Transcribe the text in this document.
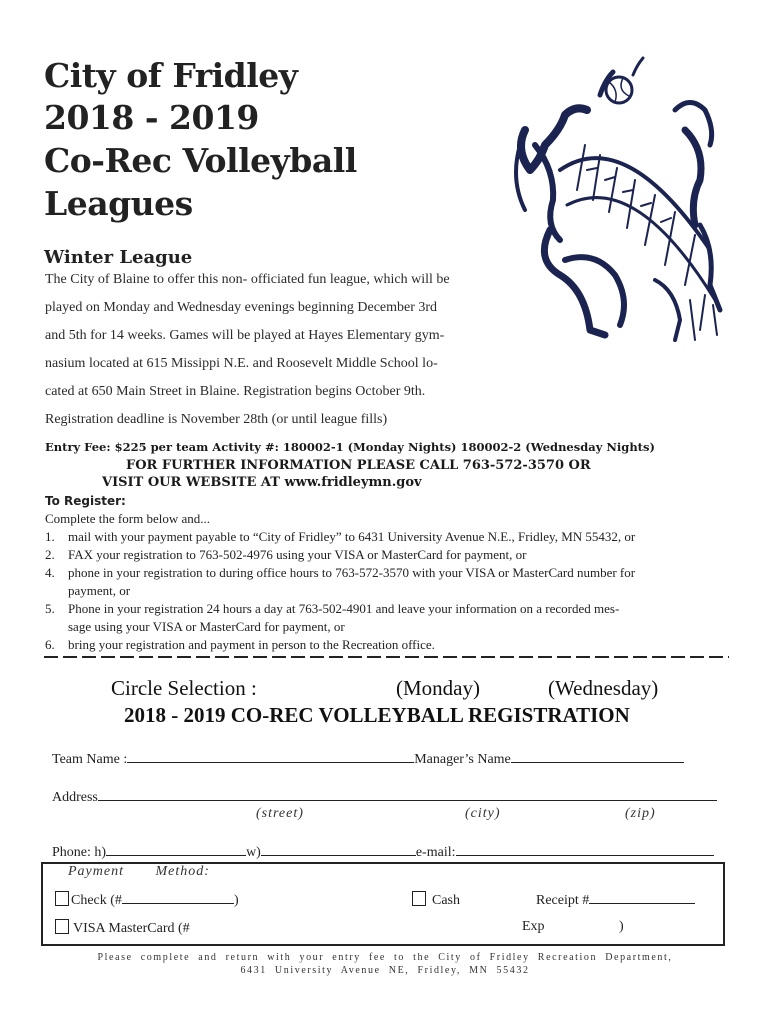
City of Fridley
2018 - 2019
Co-Rec Volleyball
Leagues
Winter League
The City of Blaine to offer this non- officiated fun league, which will be
played on Monday and Wednesday evenings beginning December 3rd
and 5th for 14 weeks. Games will be played at Hayes Elementary gym-
nasium located at 615 Missippi N.E. and Roosevelt Middle School lo-
cated at 650 Main Street in Blaine. Registration begins October 9th.
Registration deadline is November 28th (or until league fills)
Entry Fee: $225 per team Activity #: 180002-1 (Monday Nights) 180002-2 (Wednesday Nights)
FOR FURTHER INFORMATION PLEASE CALL 763-572-3570 OR
VISIT OUR WEBSITE AT www.fridleymn.gov
To Register:
Complete the form below and...
1. mail with your payment payable to “City of Fridley” to 6431 University Avenue N.E., Fridley, MN 55432, or
2. FAX your registration to 763-502-4976 using your VISA or MasterCard for payment, or
4. phone in your registration to during office hours to 763-572-3570 with your VISA or MasterCard number for
payment, or
5. Phone in your registration 24 hours a day at 763-502-4901 and leave your information on a recorded mes-
sage using your VISA or MasterCard for payment, or
6. bring your registration and payment in person to the Recreation office.
Circle Selection :	(Monday)	(Wednesday)
2018 - 2019 CO-REC VOLLEYBALL REGISTRATION
Team Name :	Manager’s Name
Address
(street)	(city)	(zip)
Phone: h)	w)	e-mail:
Payment       Method:
Check (#	)	Cash	Receipt #
VISA MasterCard (#	Exp	)
Please complete and return with your entry fee to the City of Fridley Recreation Department,
6431 University Avenue NE, Fridley, MN 55432
